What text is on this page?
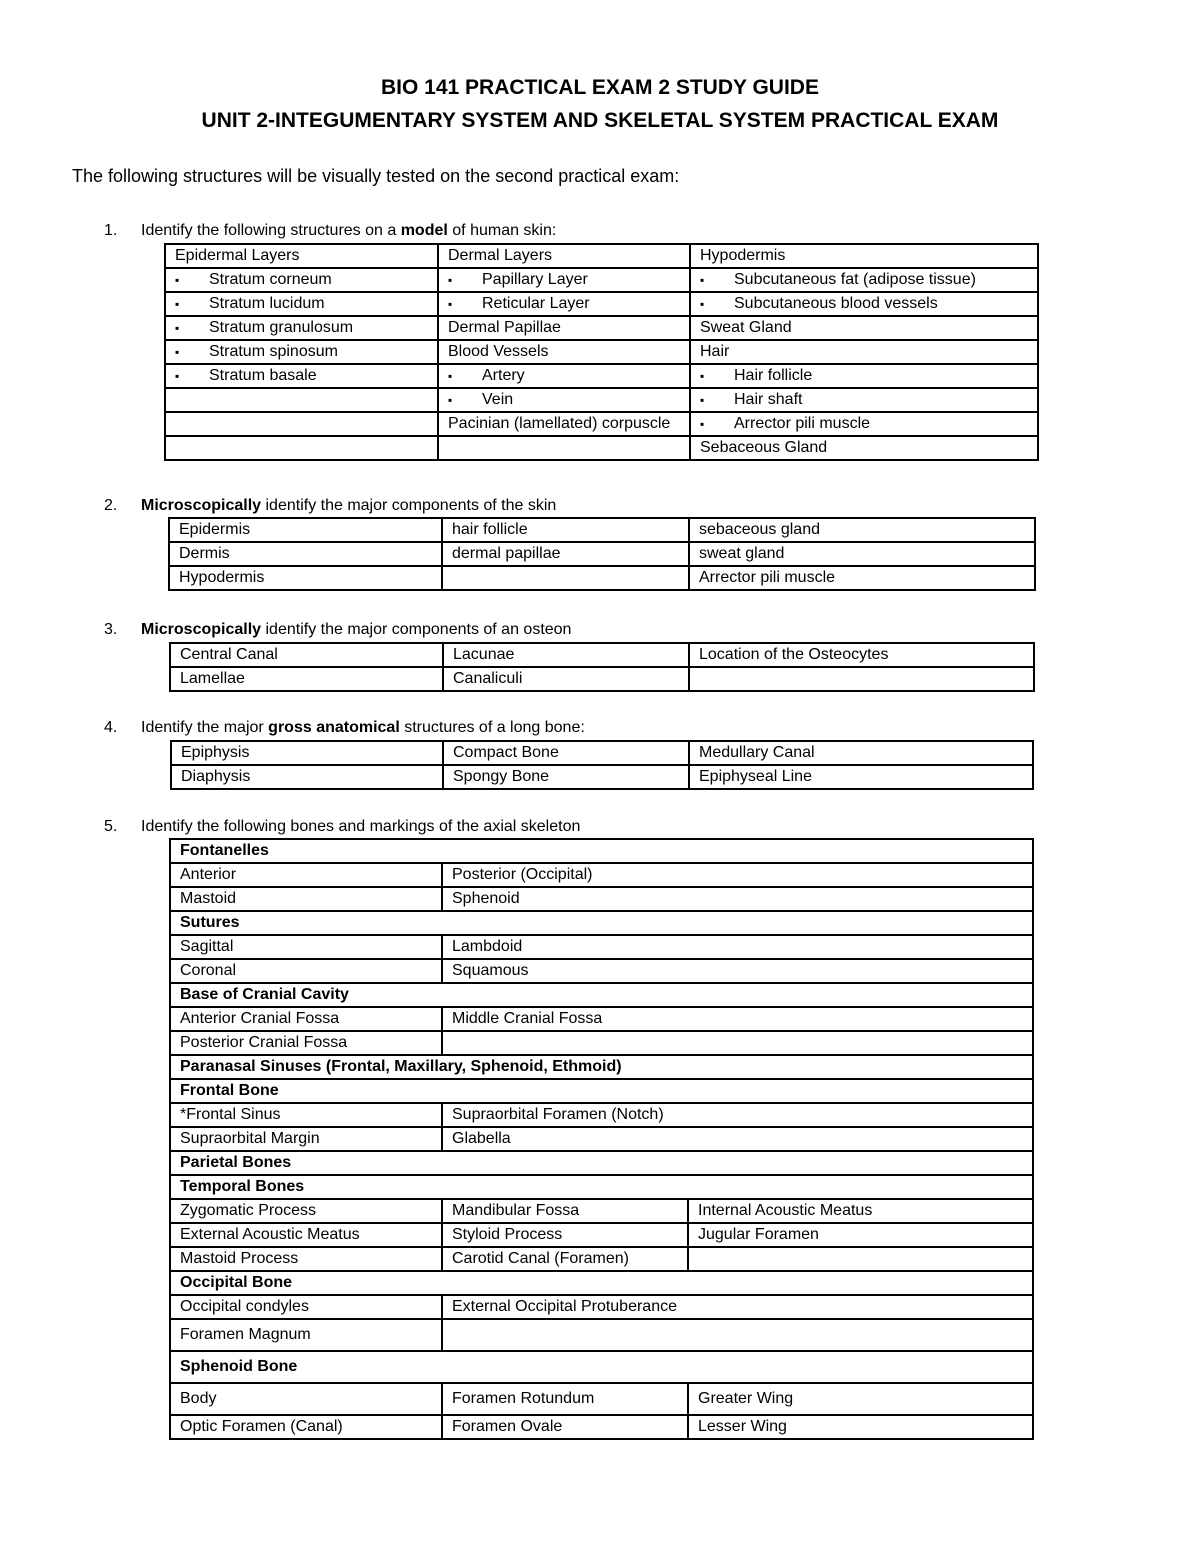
BIO 141 PRACTICAL EXAM 2 STUDY GUIDE
UNIT 2-INTEGUMENTARY SYSTEM AND SKELETAL SYSTEM PRACTICAL EXAM

The following structures will be visually tested on the second practical exam:

1. Identify the following structures on a model of human skin:

Epidermal Layers	Dermal Layers	Hypodermis
▪ Stratum corneum	▪ Papillary Layer	▪ Subcutaneous fat (adipose tissue)
▪ Stratum lucidum	▪ Reticular Layer	▪ Subcutaneous blood vessels
▪ Stratum granulosum	Dermal Papillae	Sweat Gland
▪ Stratum spinosum	Blood Vessels	Hair
▪ Stratum basale	▪ Artery	▪ Hair follicle
	▪ Vein	▪ Hair shaft
	Pacinian (lamellated) corpuscle	▪ Arrector pili muscle
		Sebaceous Gland

2. Microscopically identify the major components of the skin

Epidermis	hair follicle	sebaceous gland
Dermis	dermal papillae	sweat gland
Hypodermis		Arrector pili muscle

3. Microscopically identify the major components of an osteon

Central Canal	Lacunae	Location of the Osteocytes
Lamellae	Canaliculi	

4. Identify the major gross anatomical structures of a long bone:

Epiphysis	Compact Bone	Medullary Canal
Diaphysis	Spongy Bone	Epiphyseal Line

5. Identify the following bones and markings of the axial skeleton

Fontanelles		
Anterior	Posterior (Occipital)	
Mastoid	Sphenoid	
Sutures		
Sagittal	Lambdoid	
Coronal	Squamous	
Base of Cranial Cavity		
Anterior Cranial Fossa	Middle Cranial Fossa	
Posterior Cranial Fossa		
Paranasal Sinuses (Frontal, Maxillary, Sphenoid, Ethmoid)		
Frontal Bone		
*Frontal Sinus	Supraorbital Foramen (Notch)	
Supraorbital Margin	Glabella	
Parietal Bones		
Temporal Bones		
Zygomatic Process	Mandibular Fossa	Internal Acoustic Meatus
External Acoustic Meatus	Styloid Process	Jugular Foramen
Mastoid Process	Carotid Canal (Foramen)	
Occipital Bone		
Occipital condyles	External Occipital Protuberance	
Foramen Magnum		
Sphenoid Bone		
Body	Foramen Rotundum	Greater Wing
Optic Foramen (Canal)	Foramen Ovale	Lesser Wing
